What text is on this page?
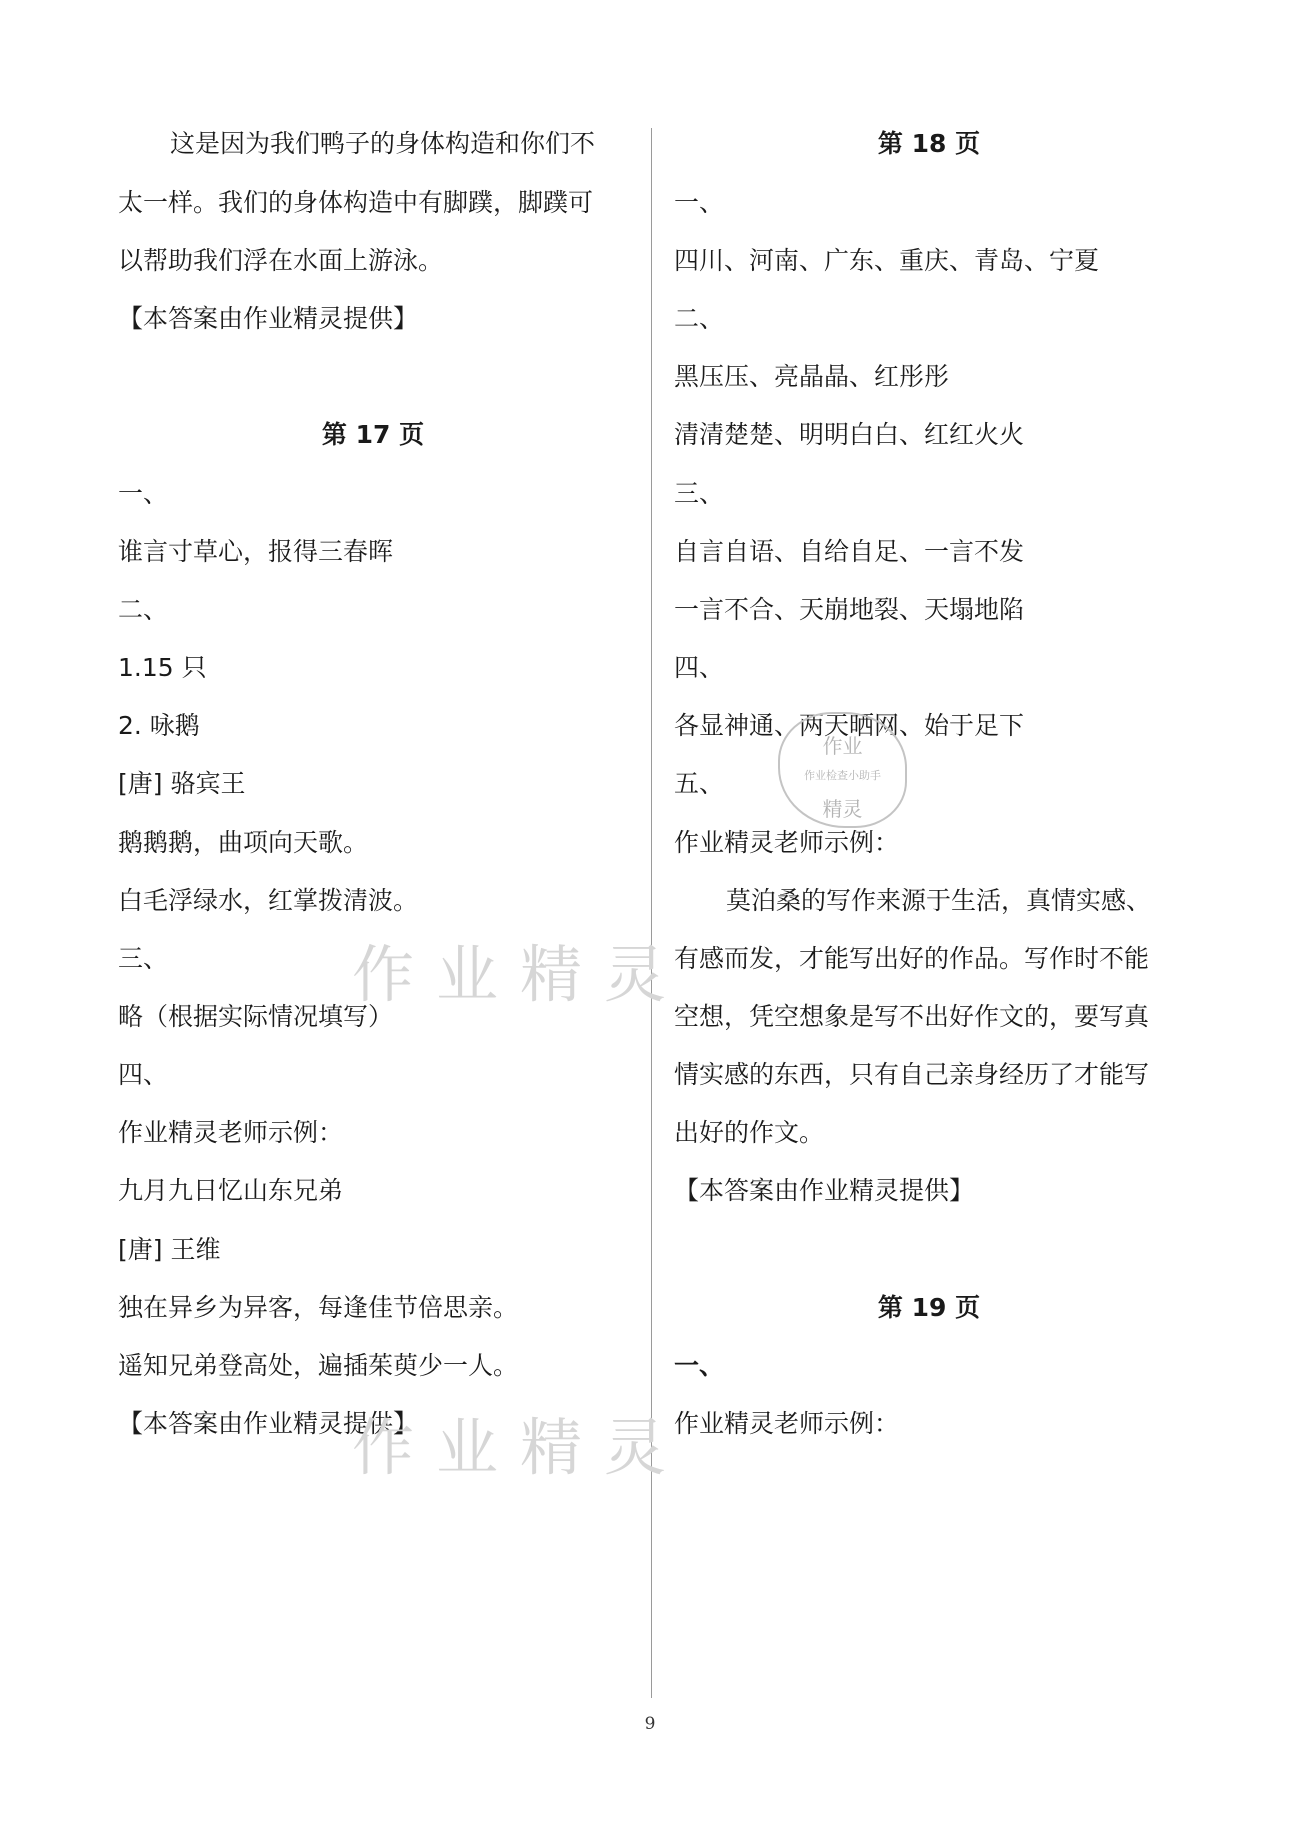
这是因为我们鸭子的身体构造和你们不
太一样。我们的身体构造中有脚蹼，脚蹼可
以帮助我们浮在水面上游泳。
【本答案由作业精灵提供】
第 17 页
一、
谁言寸草心，报得三春晖
二、
1.15 只
2. 咏鹅
[唐] 骆宾王
鹅鹅鹅，曲项向天歌。
白毛浮绿水，红掌拨清波。
三、
略（根据实际情况填写）
四、
作业精灵老师示例：
九月九日忆山东兄弟
[唐] 王维
独在异乡为异客，每逢佳节倍思亲。
遥知兄弟登高处，遍插茱萸少一人。
【本答案由作业精灵提供】
第 18 页
一、
四川、河南、广东、重庆、青岛、宁夏
二、
黑压压、亮晶晶、红彤彤
清清楚楚、明明白白、红红火火
三、
自言自语、自给自足、一言不发
一言不合、天崩地裂、天塌地陷
四、
各显神通、两天晒网、始于足下
五、
作业精灵老师示例：
莫泊桑的写作来源于生活，真情实感、
有感而发，才能写出好的作品。写作时不能
空想，凭空想象是写不出好作文的，要写真
情实感的东西，只有自己亲身经历了才能写
出好的作文。
【本答案由作业精灵提供】
第 19 页
一、
作业精灵老师示例：
作业精灵
作业精灵
作业
作业检查小助手
精灵
9
